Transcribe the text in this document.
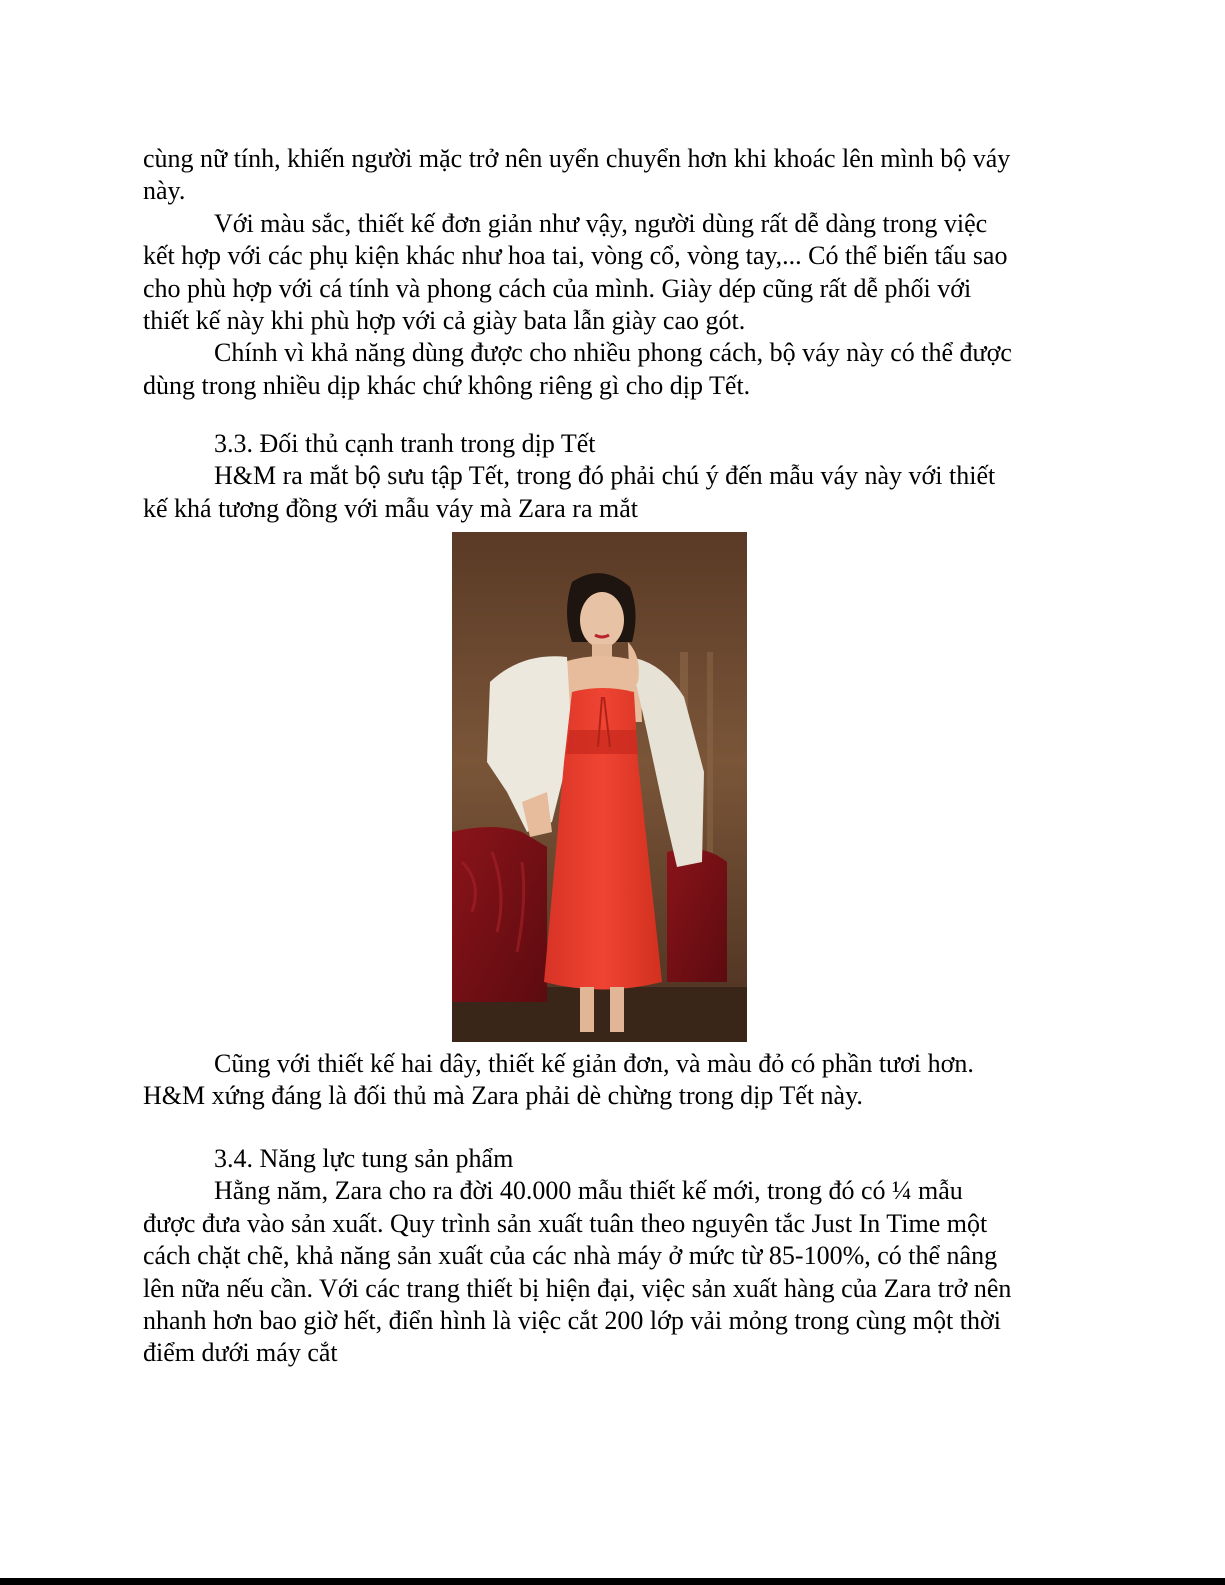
cùng nữ tính, khiến người mặc trở nên uyển chuyển hơn khi khoác lên mình bộ váy
này.
Với màu sắc, thiết kế đơn giản như vậy, người dùng rất dễ dàng trong việc
kết hợp với các phụ kiện khác như hoa tai, vòng cổ, vòng tay,... Có thể biến tấu sao
cho phù hợp với cá tính và phong cách của mình. Giày dép cũng rất dễ phối với
thiết kế này khi phù hợp với cả giày bata lẫn giày cao gót.
Chính vì khả năng dùng được cho nhiều phong cách, bộ váy này có thể được
dùng trong nhiều dịp khác chứ không riêng gì cho dịp Tết.
3.3. Đối thủ cạnh tranh trong dịp Tết
H&M ra mắt bộ sưu tập Tết, trong đó phải chú ý đến mẫu váy này với thiết
kế khá tương đồng với mẫu váy mà Zara ra mắt
Cũng với thiết kế hai dây, thiết kế giản đơn, và màu đỏ có phần tươi hơn.
H&M xứng đáng là đối thủ mà Zara phải dè chừng trong dịp Tết này.
3.4. Năng lực tung sản phẩm
Hằng năm, Zara cho ra đời 40.000 mẫu thiết kế mới, trong đó có ¼ mẫu
được đưa vào sản xuất. Quy trình sản xuất tuân theo nguyên tắc Just In Time một
cách chặt chẽ, khả năng sản xuất của các nhà máy ở mức từ 85-100%, có thể nâng
lên nữa nếu cần. Với các trang thiết bị hiện đại, việc sản xuất hàng của Zara trở nên
nhanh hơn bao giờ hết, điển hình là việc cắt 200 lớp vải mỏng trong cùng một thời
điểm dưới máy cắt
